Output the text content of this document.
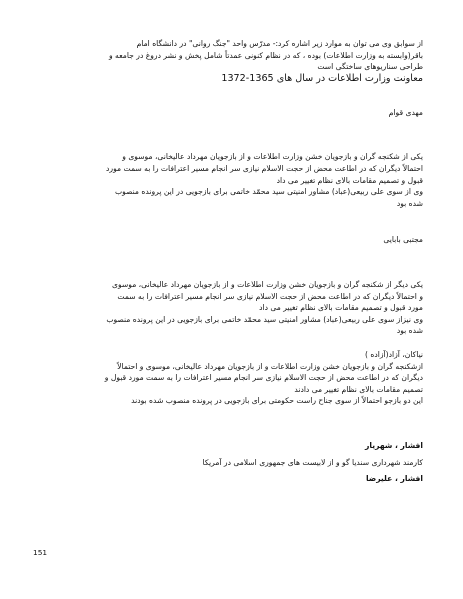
از سوابق وی می توان به موارد زیر اشاره کرد:- مدرّس واحد "جنگ روانی" در دانشگاه امام

باقر(وابسته به وزارت اطلاعات) بوده ، که در نظام کنونی عمدتاً شامل پخش و نشر دروغ در جامعه و

طراحی سناریوهای ساختگی است

معاونت وزارت اطلاعات در سال های 1365-1372

مهدی قوام

یکی از شکنجه گران و بازجویان خشن وزارت اطلاعات و از بازجویان مهرداد عالیخانی، موسوی و

احتمالاً دیگران که در اطاعت محض از حجت الاسلام نیازی سر انجام مسیر اعترافات را به سمت مورد

قبول و تصمیم مقامات بالای نظام تغییر می داد

وی از سوی علی ربیعی(عباد) مشاور امنیتی سید محمّد خاتمی برای بازجویی در این پرونده منصوب

شده بود

مجتبی بابایی

یکی دیگر از شکنجه گران و بازجویان خشن وزارت اطلاعات و از بازجویان مهرداد عالیخانی، موسوی

و احتمالاً دیگران که در اطاعت محض از حجت الاسلام نیازی سر انجام مسیر اعترافات را به سمت

مورد قبول و تصمیم مقامات بالای نظام تغییر می داد

وی نیزاز سوی علی ربیعی(عباد) مشاور امنیتی سید محمّد خاتمی برای بازجویی در این پرونده منصوب

شده بود

نیاکان، آزاد(آزاده )

ازشکنجه گران و بازجویان خشن وزارت اطلاعات و از بازجویان مهرداد عالیخانی، موسوی و احتمالاً

دیگران که در اطاعت محض از حجت الاسلام نیازی سر انجام مسیر اعترافات را به سمت مورد قبول و

تصمیم مقامات بالای نظام تغییر می دادند

این دو بازجو احتمالاً از سوی جناح راست حکومتی برای بازجویی در پرونده منصوب شده بودند

افشار ، شهریار

کارمند شهرداری سندیا گو و از لابیست های جمهوری اسلامی در آمریکا

افشار ، علیرضا

151
